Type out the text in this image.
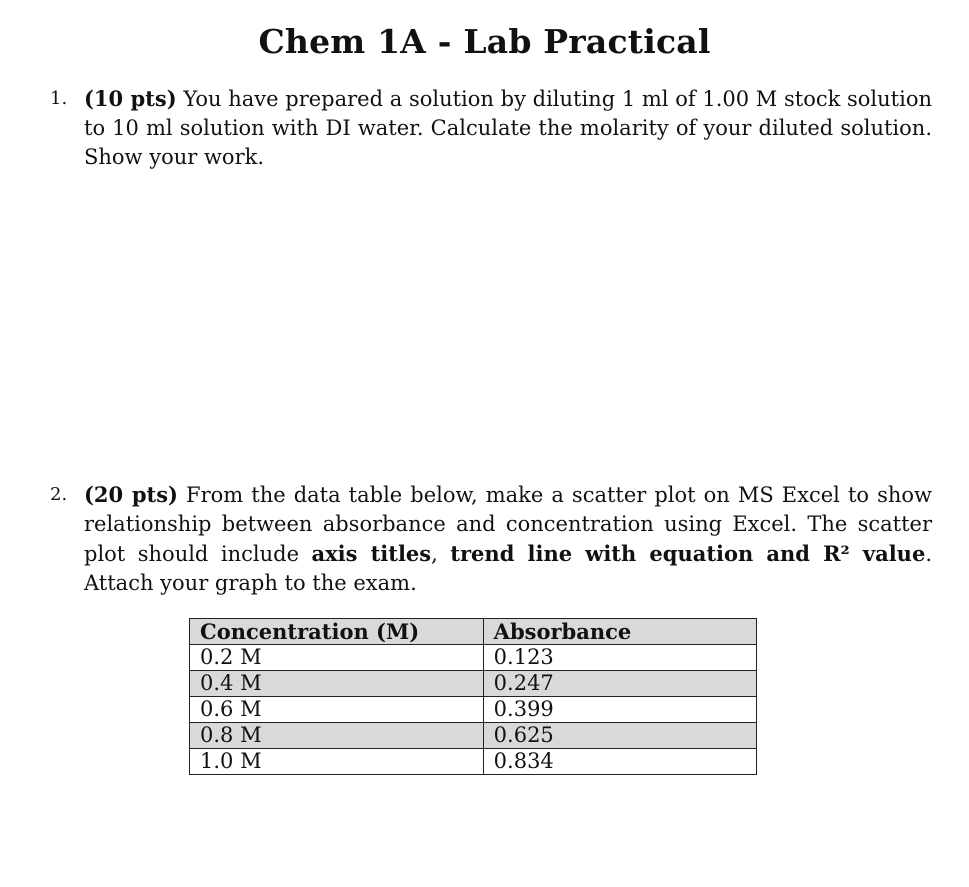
Chem 1A - Lab Practical
1. (10 pts) You have prepared a solution by diluting 1 ml of 1.00 M stock solution to 10 ml solution with DI water. Calculate the molarity of your diluted solution. Show your work.
2. (20 pts) From the data table below, make a scatter plot on MS Excel to show relationship between absorbance and concentration using Excel. The scatter plot should include axis titles, trend line with equation and R² value. Attach your graph to the exam.
Concentration (M)	Absorbance
0.2 M	0.123
0.4 M	0.247
0.6 M	0.399
0.8 M	0.625
1.0 M	0.834
